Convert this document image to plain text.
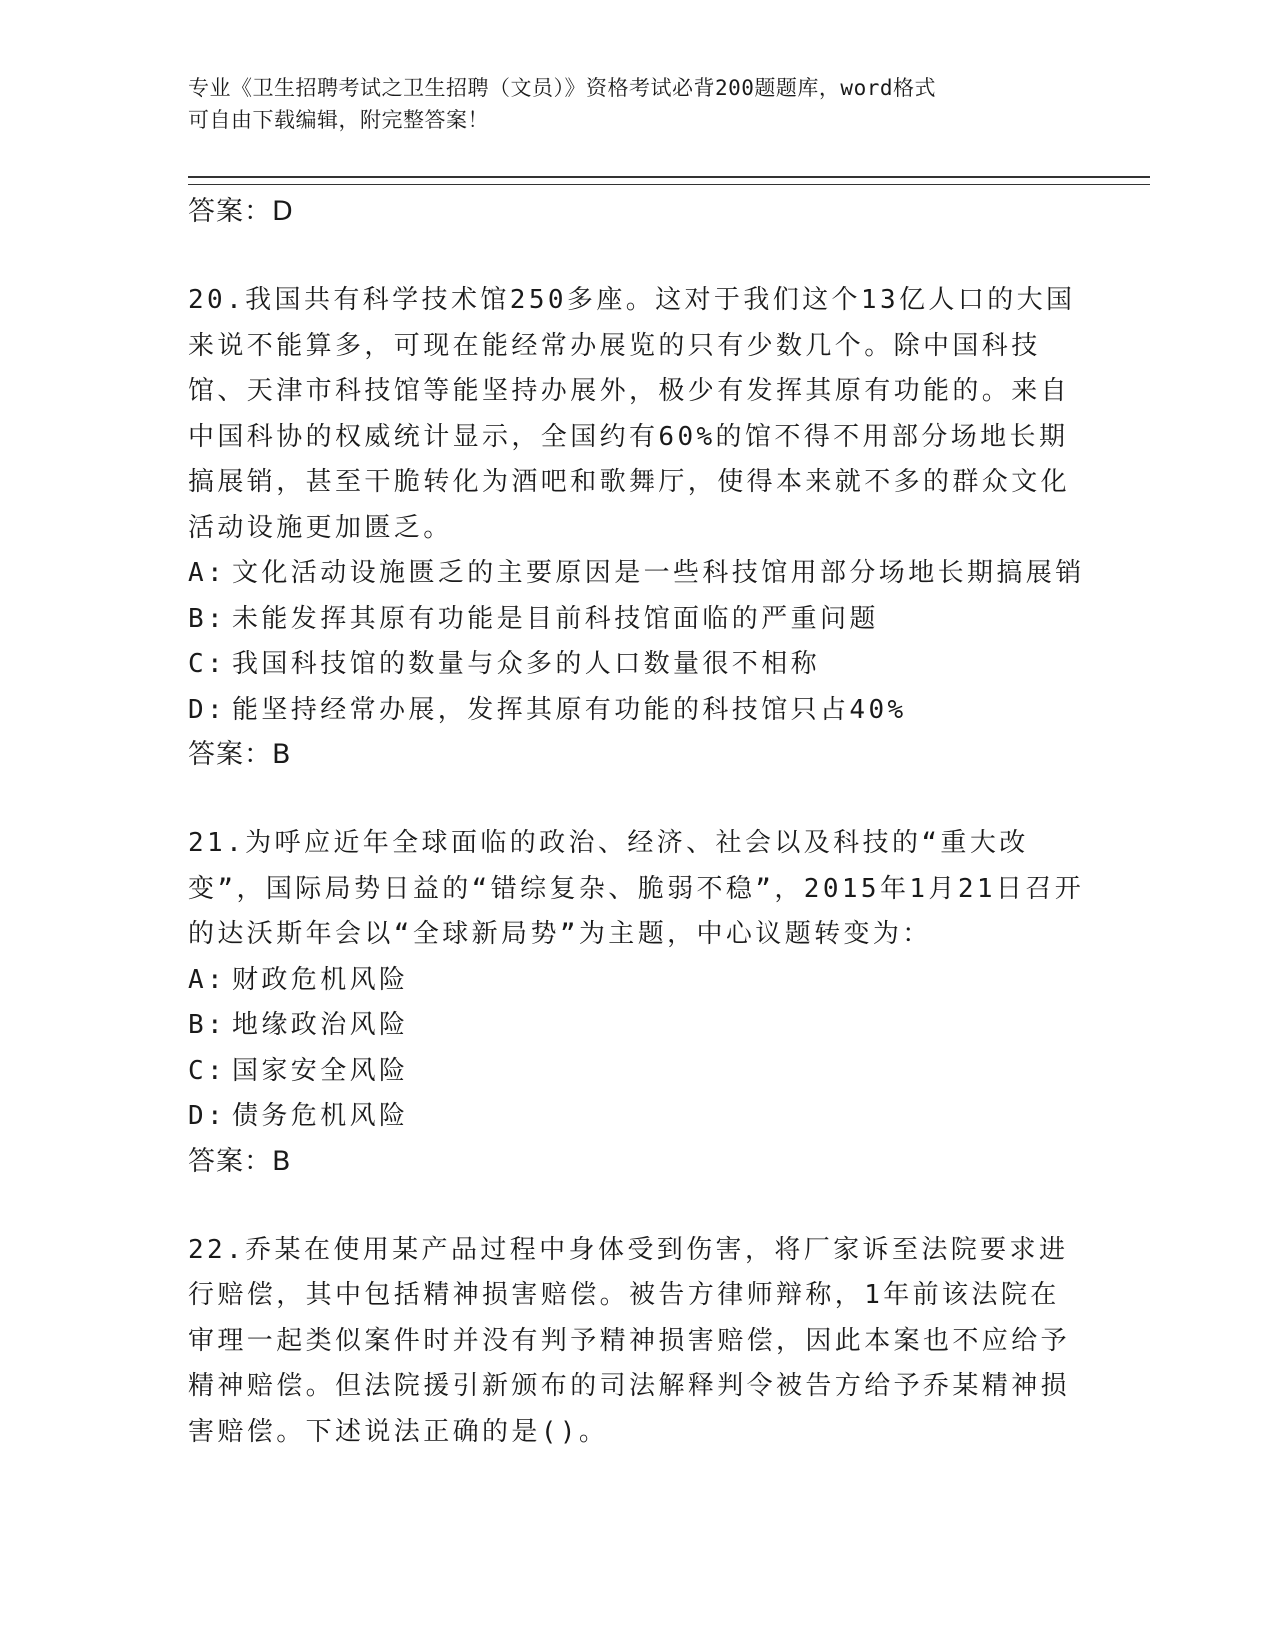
专业《卫生招聘考试之卫生招聘（文员）》资格考试必背200题题库，word格式
可自由下载编辑，附完整答案！
答案：D

20.我国共有科学技术馆250多座。这对于我们这个13亿人口的大国来说不能算多，可现在能经常办展览的只有少数几个。除中国科技馆、天津市科技馆等能坚持办展外，极少有发挥其原有功能的。来自中国科协的权威统计显示，全国约有60%的馆不得不用部分场地长期搞展销，甚至干脆转化为酒吧和歌舞厅，使得本来就不多的群众文化活动设施更加匮乏。

A: 文化活动设施匮乏的主要原因是一些科技馆用部分场地长期搞展销
B: 未能发挥其原有功能是目前科技馆面临的严重问题
C: 我国科技馆的数量与众多的人口数量很不相称
D: 能坚持经常办展，发挥其原有功能的科技馆只占40%
答案：B

21.为呼应近年全球面临的政治、经济、社会以及科技的“重大改变”，国际局势日益的“错综复杂、脆弱不稳”，2015年1月21日召开的达沃斯年会以“全球新局势”为主题，中心议题转变为：

A: 财政危机风险
B: 地缘政治风险
C: 国家安全风险
D: 债务危机风险
答案：B

22.乔某在使用某产品过程中身体受到伤害，将厂家诉至法院要求进行赔偿，其中包括精神损害赔偿。被告方律师辩称，1年前该法院在审理一起类似案件时并没有判予精神损害赔偿，因此本案也不应给予精神赔偿。但法院援引新颁布的司法解释判令被告方给予乔某精神损害赔偿。下述说法正确的是()。
